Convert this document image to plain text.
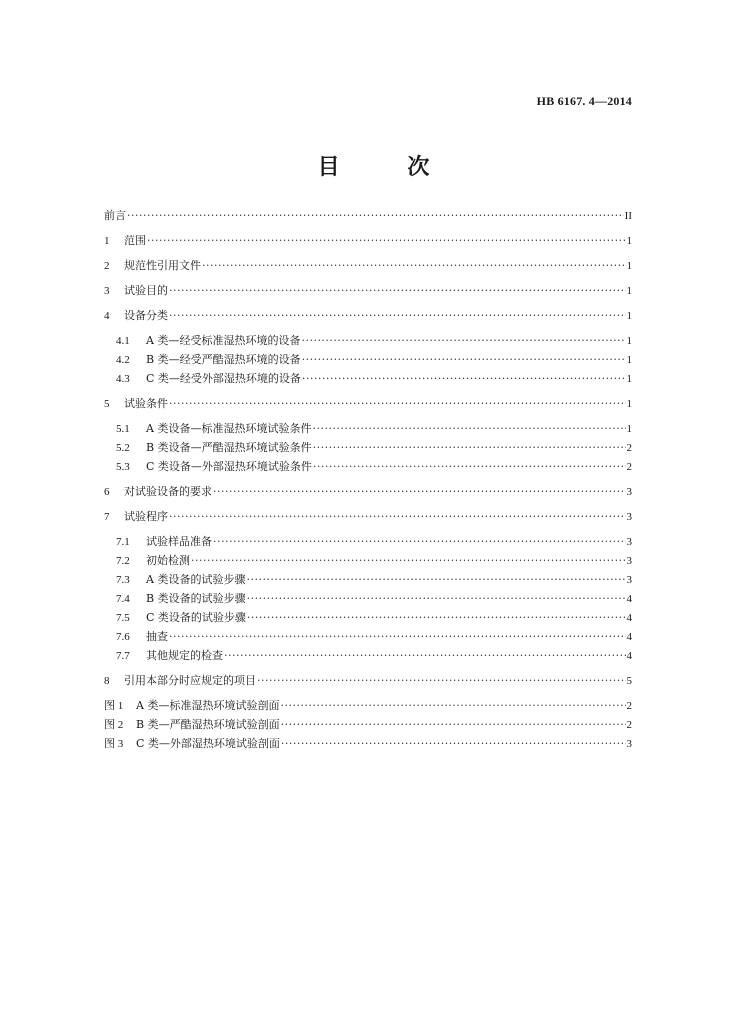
HB 6167. 4—2014
目 次
前言 ·····	II
1	范围 ·····	1
2	规范性引用文件 ·····	1
3	试验目的 ·····	1
4	设备分类 ·····	1
4.1	A 类—经受标准湿热环境的设备 ·····	1
4.2	B 类—经受严酷湿热环境的设备 ·····	1
4.3	C 类—经受外部湿热环境的设备 ·····	1
5	试验条件 ·····	1
5.1	A 类设备—标准湿热环境试验条件 ·····	1
5.2	B 类设备—严酷湿热环境试验条件 ·····	2
5.3	C 类设备—外部湿热环境试验条件 ·····	2
6	对试验设备的要求 ·····	3
7	试验程序 ·····	3
7.1	试验样品准备 ·····	3
7.2	初始检测 ·····	3
7.3	A 类设备的试验步骤 ·····	3
7.4	B 类设备的试验步骤 ·····	4
7.5	C 类设备的试验步骤 ·····	4
7.6	抽查 ·····	4
7.7	其他规定的检查 ·····	4
8	引用本部分时应规定的项目 ·····	5
图 1	A 类—标准湿热环境试验剖面 ·····	2
图 2	B 类—严酷湿热环境试验剖面 ·····	2
图 3	C 类—外部湿热环境试验剖面 ·····	3
